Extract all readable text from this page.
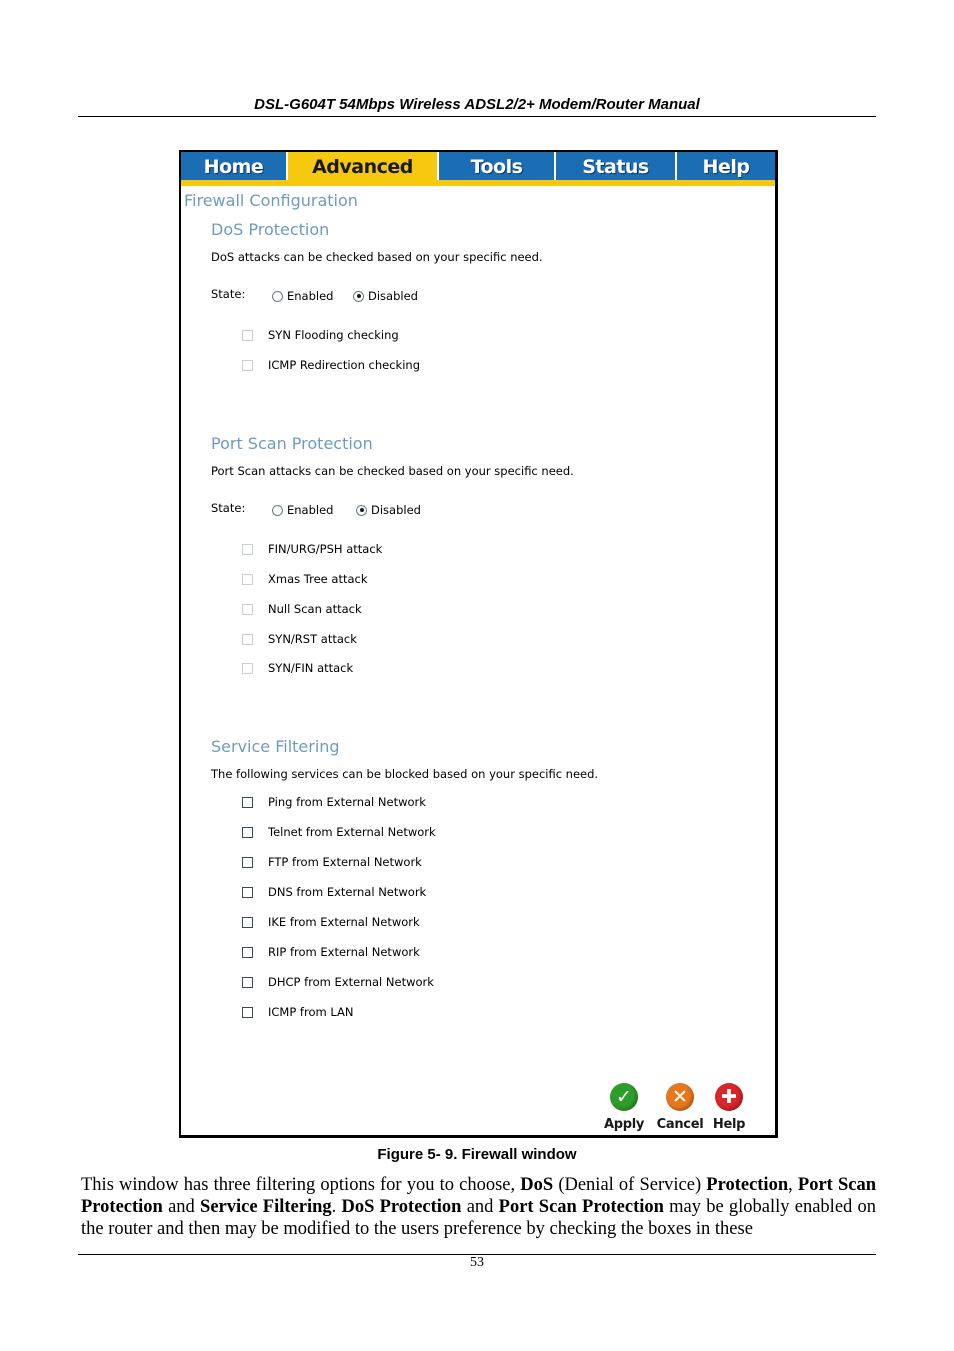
DSL-G604T 54Mbps Wireless ADSL2/2+ Modem/Router Manual
Home	Advanced	Tools	Status	Help
Firewall Configuration
DoS Protection
DoS attacks can be checked based on your specific need.
State:	Enabled	Disabled
SYN Flooding checking
ICMP Redirection checking
Port Scan Protection
Port Scan attacks can be checked based on your specific need.
State:	Enabled	Disabled
FIN/URG/PSH attack
Xmas Tree attack
Null Scan attack
SYN/RST attack
SYN/FIN attack
Service Filtering
The following services can be blocked based on your specific need.
Ping from External Network
Telnet from External Network
FTP from External Network
DNS from External Network
IKE from External Network
RIP from External Network
DHCP from External Network
ICMP from LAN
✓
Apply
✕
Cancel
✚
Help
Figure 5- 9. Firewall window
This window has three filtering options for you to choose, DoS (Denial of Service) Protection, Port Scan Protection and Service Filtering. DoS Protection and Port Scan Protection may be globally enabled on the router and then may be modified to the users preference by checking the boxes in these
53
